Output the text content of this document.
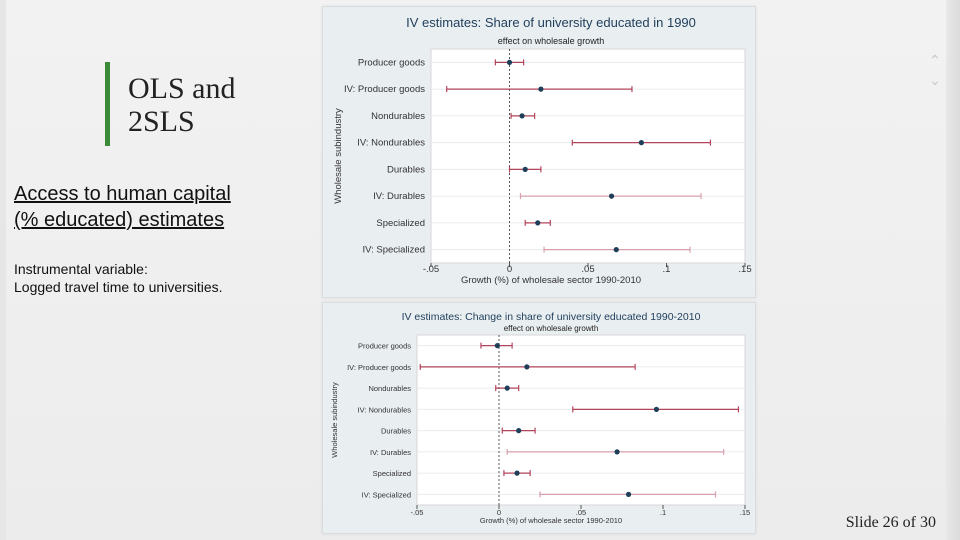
⌃
⌄
OLS and
2SLS
Access to human capital
(% educated) estimates
Instrumental variable:
Logged travel time to universities.
IV estimates: Share of university educated in 1990
effect on wholesale growth
-.05	0	.05	.1	.15
Growth (%) of wholesale sector 1990-2010
Wholesale subindustry
Producer goods
IV: Producer goods
Nondurables
IV: Nondurables
Durables
IV: Durables
Specialized
IV: Specialized
IV estimates: Change in share of university educated 1990-2010
effect on wholesale growth
-.05	0	.05	.1	.15
Growth (%) of wholesale sector 1990-2010
Wholesale subindustry
Producer goods
IV: Producer goods
Nondurables
IV: Nondurables
Durables
IV: Durables
Specialized
IV: Specialized
Slide 26 of 30
